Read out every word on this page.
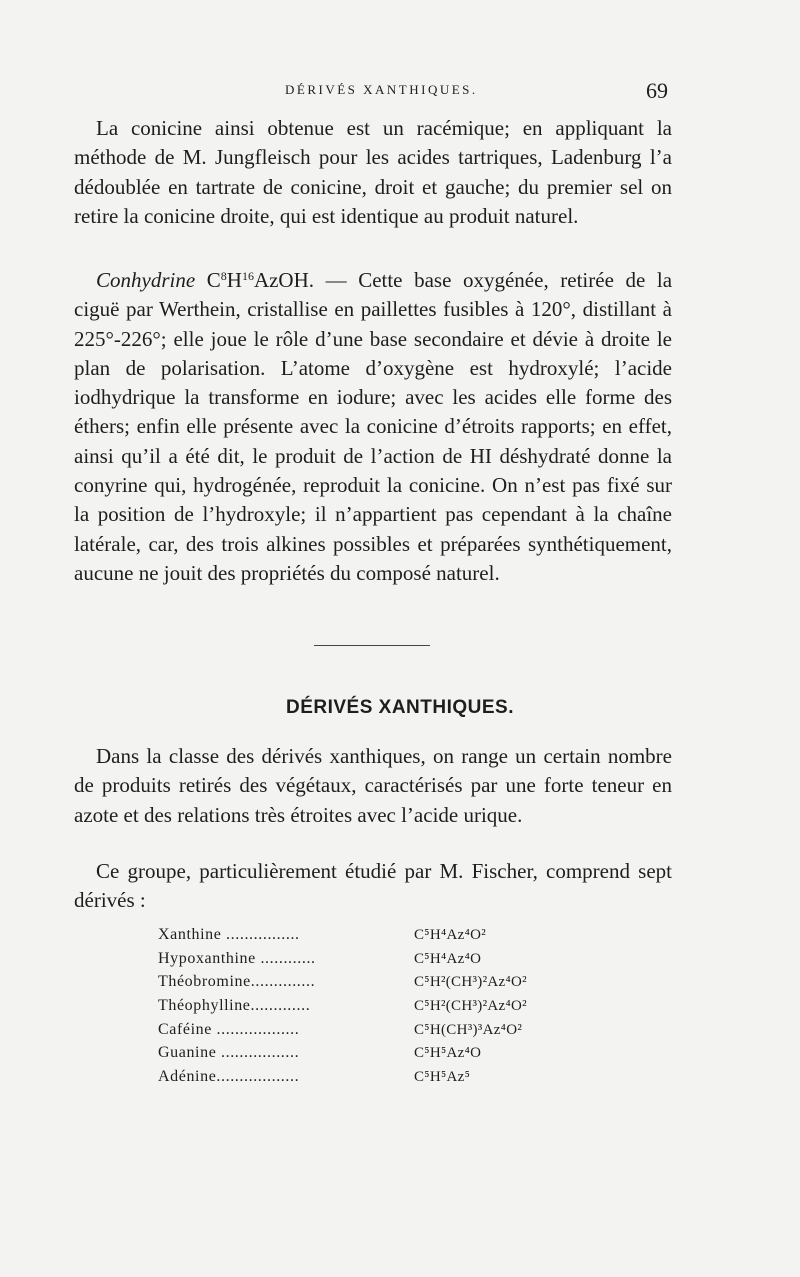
DÉRIVÉS XANTHIQUES.	69

La conicine ainsi obtenue est un racémique; en appliquant la méthode de M. Jungfleisch pour les acides tartriques, Ladenburg l’a dédoublée en tartrate de conicine, droit et gauche; du premier sel on retire la conicine droite, qui est identique au produit naturel.

Conhydrine $C^8H^{16}AzOH$. — Cette base oxygénée, retirée de la ciguë par Werthein, cristallise en paillettes fusibles à 120°, distillant à 225°-226°; elle joue le rôle d’une base secondaire et dévie à droite le plan de polarisation. L’atome d’oxygène est hydroxylé; l’acide iodhydrique la transforme en iodure; avec les acides elle forme des éthers; enfin elle présente avec la conicine d’étroits rapports; en effet, ainsi qu’il a été dit, le produit de l’action de HI déshydraté donne la conyrine qui, hydrogénée, reproduit la conicine. On n’est pas fixé sur la position de l’hydroxyle; il n’appartient pas cependant à la chaîne latérale, car, des trois alkines possibles et préparées synthétiquement, aucune ne jouit des propriétés du composé naturel.

DÉRIVÉS XANTHIQUES.

Dans la classe des dérivés xanthiques, on range un certain nombre de produits retirés des végétaux, caractérisés par une forte teneur en azote et des relations très étroites avec l’acide urique.

Ce groupe, particulièrement étudié par M. Fischer, comprend sept dérivés :

Xanthine ................	C⁵H⁴Az⁴O²
Hypoxanthine ............	C⁵H⁴Az⁴O
Théobromine..............	C⁵H²(CH³)²Az⁴O²
Théophylline.............	C⁵H²(CH³)²Az⁴O²
Caféine ..................	C⁵H(CH³)³Az⁴O²
Guanine .................	C⁵H⁵Az⁴O
Adénine..................	C⁵H⁵Az⁵
